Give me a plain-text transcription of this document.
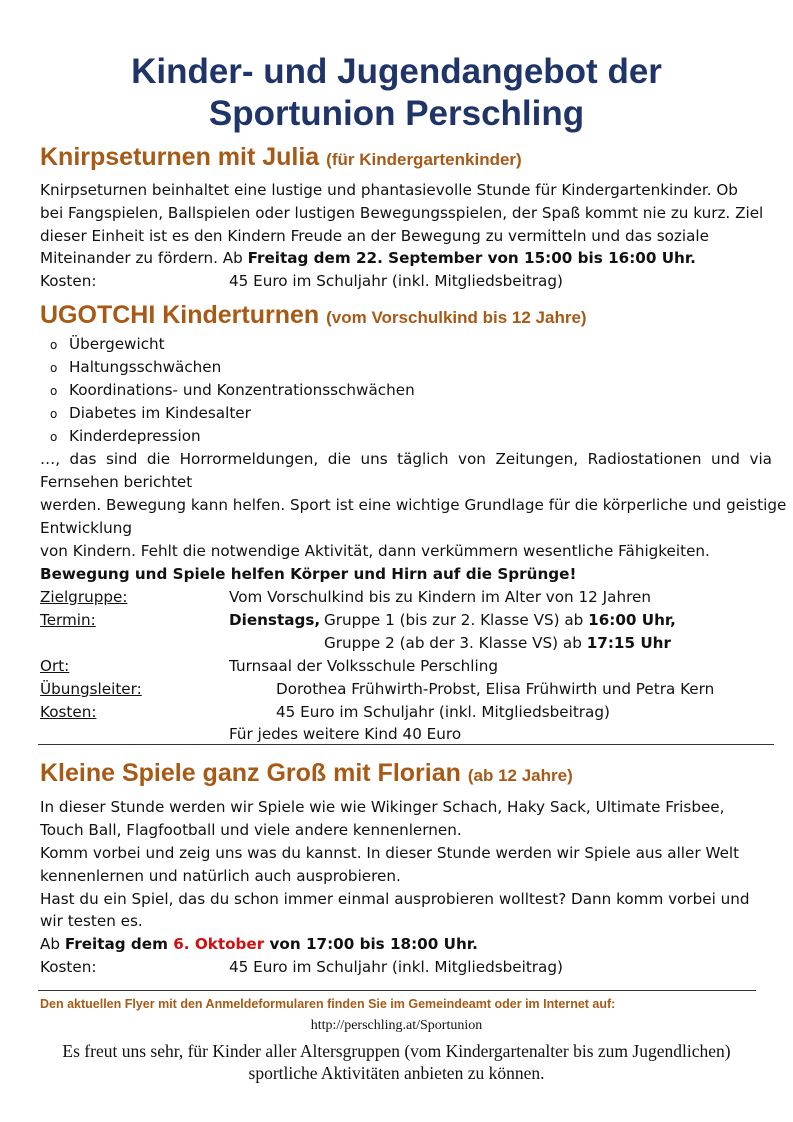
Kinder- und Jugendangebot der
Sportunion Perschling
Knirpseturnen mit Julia (für Kindergartenkinder)
Knirpseturnen beinhaltet eine lustige und phantasievolle Stunde für Kindergartenkinder. Ob
bei Fangspielen, Ballspielen oder lustigen Bewegungsspielen, der Spaß kommt nie zu kurz. Ziel
dieser Einheit ist es den Kindern Freude an der Bewegung zu vermitteln und das soziale
Miteinander zu fördern. Ab Freitag dem 22. September von 15:00 bis 16:00 Uhr.
Kosten:	45 Euro im Schuljahr (inkl. Mitgliedsbeitrag)
UGOTCHI Kinderturnen (vom Vorschulkind bis 12 Jahre)
o Übergewicht
o Haltungsschwächen
o Koordinations- und Konzentrationsschwächen
o Diabetes im Kindesalter
o Kinderdepression
…, das sind die Horrormeldungen, die uns täglich von Zeitungen, Radiostationen und via
Fernsehen berichtet
werden. Bewegung kann helfen. Sport ist eine wichtige Grundlage für die körperliche und geistige
Entwicklung
von Kindern. Fehlt die notwendige Aktivität, dann verkümmern wesentliche Fähigkeiten.
Bewegung und Spiele helfen Körper und Hirn auf die Sprünge!
Zielgruppe:	Vom Vorschulkind bis zu Kindern im Alter von 12 Jahren
Termin:	Dienstags, Gruppe 1 (bis zur 2. Klasse VS) ab 16:00 Uhr,
Gruppe 2 (ab der 3. Klasse VS) ab 17:15 Uhr
Ort:	Turnsaal der Volksschule Perschling
Übungsleiter:	Dorothea Frühwirth-Probst, Elisa Frühwirth und Petra Kern
Kosten:	45 Euro im Schuljahr (inkl. Mitgliedsbeitrag)
Für jedes weitere Kind 40 Euro
Kleine Spiele ganz Groß mit Florian (ab 12 Jahre)
In dieser Stunde werden wir Spiele wie wie Wikinger Schach, Haky Sack, Ultimate Frisbee,
Touch Ball, Flagfootball und viele andere kennenlernen.
Komm vorbei und zeig uns was du kannst. In dieser Stunde werden wir Spiele aus aller Welt
kennenlernen und natürlich auch ausprobieren.
Hast du ein Spiel, das du schon immer einmal ausprobieren wolltest? Dann komm vorbei und
wir testen es.
Ab Freitag dem 6. Oktober von 17:00 bis 18:00 Uhr.
Kosten:	45 Euro im Schuljahr (inkl. Mitgliedsbeitrag)
Den aktuellen Flyer mit den Anmeldeformularen finden Sie im Gemeindeamt oder im Internet auf:
http://perschling.at/Sportunion
Es freut uns sehr, für Kinder aller Altersgruppen (vom Kindergartenalter bis zum Jugendlichen)
sportliche Aktivitäten anbieten zu können.
